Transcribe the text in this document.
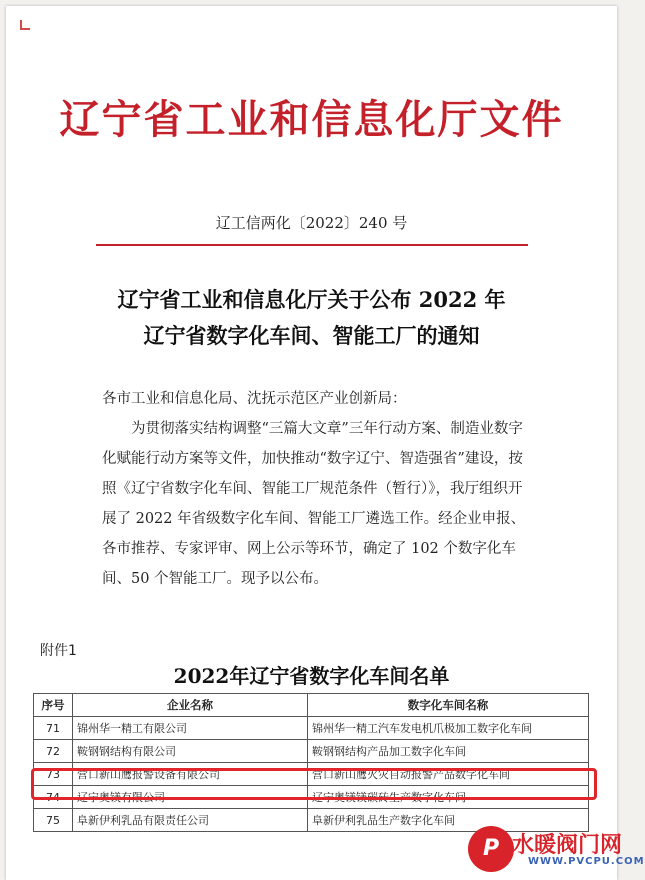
辽宁省工业和信息化厅文件
辽工信两化〔2022〕240 号
辽宁省工业和信息化厅关于公布 2022 年
辽宁省数字化车间、智能工厂的通知

各市工业和信息化局、沈抚示范区产业创新局：

为贯彻落实结构调整“三篇大文章”三年行动方案、制造业数字化赋能行动方案等文件，加快推动“数字辽宁、智造强省”建设，按照《辽宁省数字化车间、智能工厂规范条件（暂行）》，我厅组织开展了 2022 年省级数字化车间、智能工厂遴选工作。经企业申报、各市推荐、专家评审、网上公示等环节，确定了 102 个数字化车间、50 个智能工厂。现予以公布。

附件1
2022年辽宁省数字化车间名单
序号	企业名称	数字化车间名称
71	锦州华一精工有限公司	锦州华一精工汽车发电机爪极加工数字化车间
72	鞍钢钢结构有限公司	鞍钢钢结构产品加工数字化车间
73	营口新山鹰报警设备有限公司	营口新山鹰火灾自动报警产品数字化车间
74	辽宁奥镁有限公司	辽宁奥镁镁碳砖生产数字化车间
75	阜新伊利乳品有限责任公司	阜新伊利乳品生产数字化车间
P 水暖阀门网
WWW.PVCPU.COM
